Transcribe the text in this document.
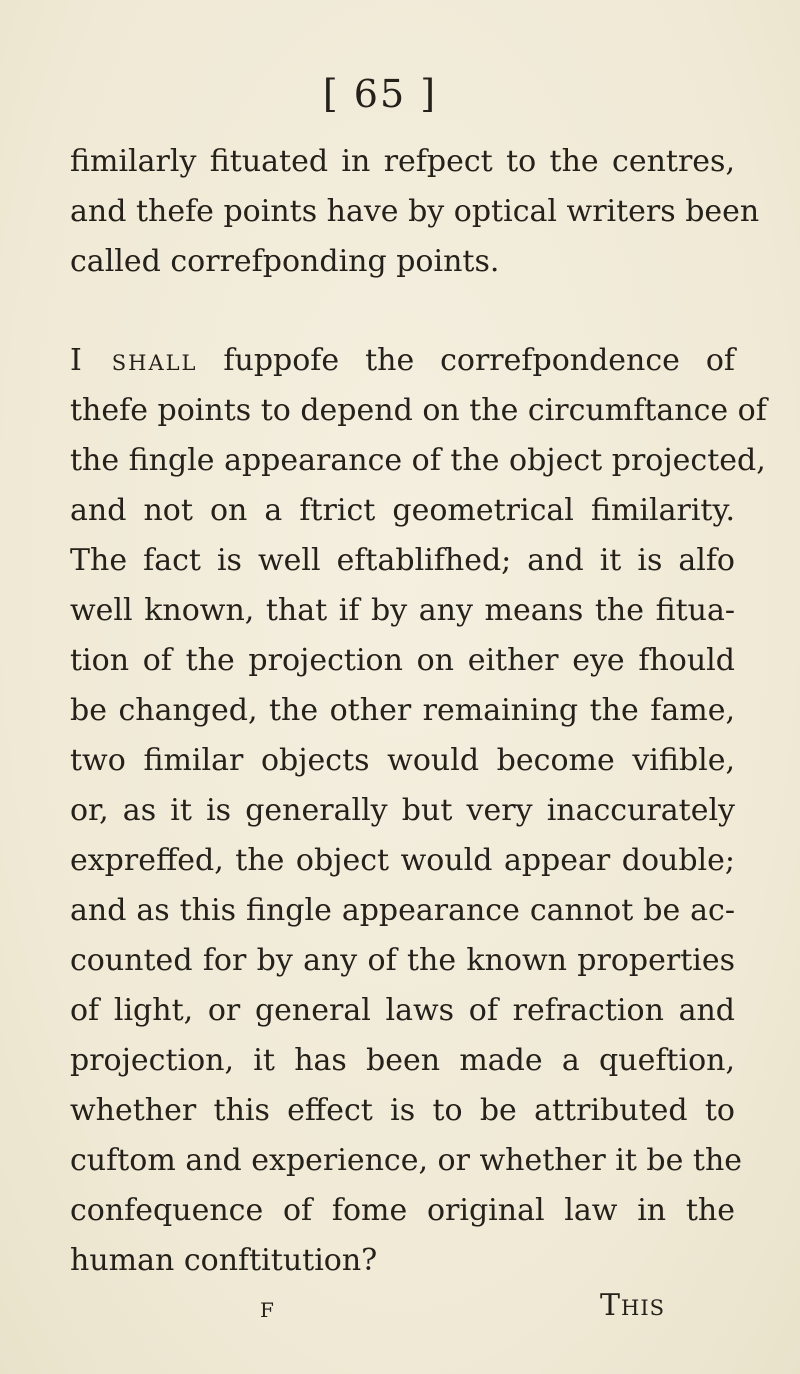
[ 65 ]
fimilarly fituated in refpect to the centres,
and thefe points have by optical writers been
called correfponding points.
I shall fuppofe the correfpondence of
thefe points to depend on the circumftance of
the fingle appearance of the object projected,
and not on a ftrict geometrical fimilarity.
The fact is well eftablifhed; and it is alfo
well known, that if by any means the fitua-
tion of the projection on either eye fhould
be changed, the other remaining the fame,
two fimilar objects would become vifible,
or, as it is generally but very inaccurately
expreffed, the object would appear double;
and as this fingle appearance cannot be ac-
counted for by any of the known properties
of light, or general laws of refraction and
projection, it has been made a queftion,
whether this effect is to be attributed to
cuftom and experience, or whether it be the
confequence of fome original law in the
human conftitution?
F	This
